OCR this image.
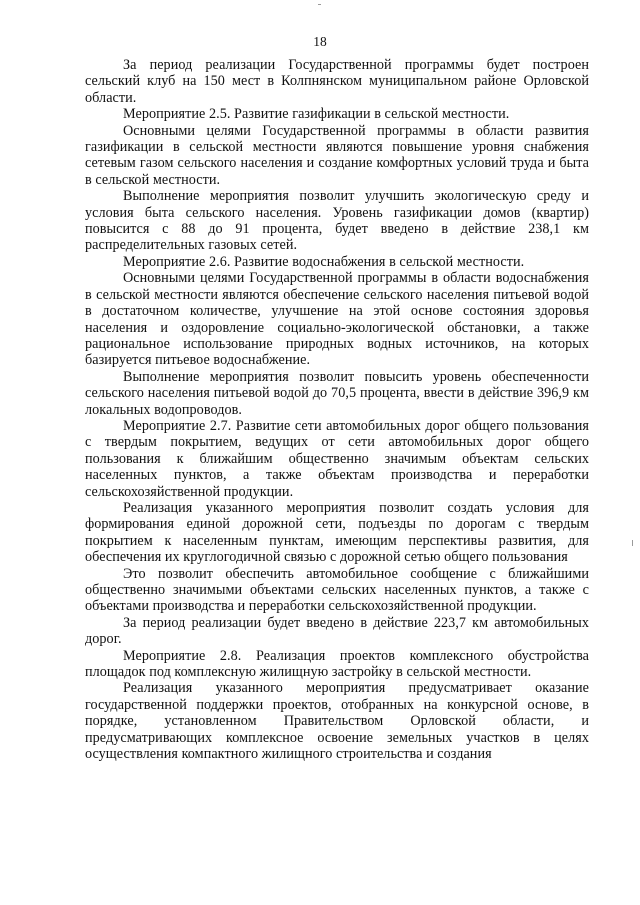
18

За период реализации Государственной программы будет построен сельский клуб на 150 мест в Колпнянском муниципальном районе Орловской области.

Мероприятие 2.5. Развитие газификации в сельской местности.

Основными целями Государственной программы в области развития газификации в сельской местности являются повышение уровня снабжения сетевым газом сельского населения и создание комфортных условий труда и быта в сельской местности.

Выполнение мероприятия позволит улучшить экологическую среду и условия быта сельского населения. Уровень газификации домов (квартир) повысится с 88 до 91 процента, будет введено в действие 238,1 км распределительных газовых сетей.

Мероприятие 2.6. Развитие водоснабжения в сельской местности.

Основными целями Государственной программы в области водоснабжения в сельской местности являются обеспечение сельского населения питьевой водой в достаточном количестве, улучшение на этой основе состояния здоровья населения и оздоровление социально-экологической обстановки, а также рациональное использование природных водных источников, на которых базируется питьевое водоснабжение.

Выполнение мероприятия позволит повысить уровень обеспеченности сельского населения питьевой водой до 70,5 процента, ввести в действие 396,9 км локальных водопроводов.

Мероприятие 2.7. Развитие сети автомобильных дорог общего пользования с твердым покрытием, ведущих от сети автомобильных дорог общего пользования к ближайшим общественно значимым объектам сельских населенных пунктов, а также объектам производства и переработки сельскохозяйственной продукции.

Реализация указанного мероприятия позволит создать условия для формирования единой дорожной сети, подъезды по дорогам с твердым покрытием к населенным пунктам, имеющим перспективы развития, для обеспечения их круглогодичной связью с дорожной сетью общего пользования

Это позволит обеспечить автомобильное сообщение с ближайшими общественно значимыми объектами сельских населенных пунктов, а также с объектами производства и переработки сельскохозяйственной продукции.

За период реализации будет введено в действие 223,7 км автомобильных дорог.

Мероприятие 2.8. Реализация проектов комплексного обустройства площадок под комплексную жилищную застройку в сельской местности.

Реализация указанного мероприятия предусматривает оказание государственной поддержки проектов, отобранных на конкурсной основе, в порядке, установленном Правительством Орловской области, и предусматривающих комплексное освоение земельных участков в целях осуществления компактного жилищного строительства и создания
